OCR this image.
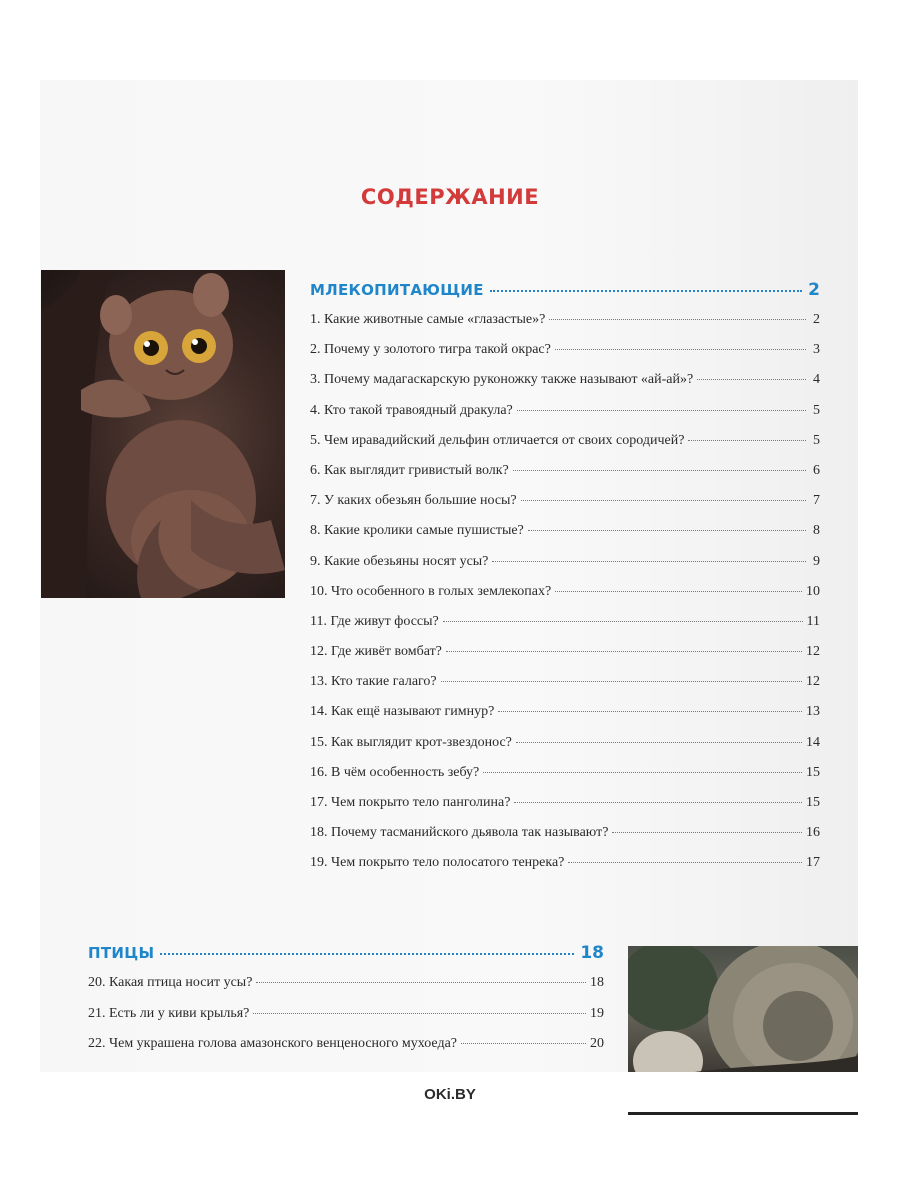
СОДЕРЖАНИЕ
МЛЕКОПИТАЮЩИЕ	2
1. Какие животные самые «глазастые»?	2
2. Почему у золотого тигра такой окрас?	3
3. Почему мадагаскарскую руконожку также называют «ай-ай»?	4
4. Кто такой травоядный дракула?	5
5. Чем иравадийский дельфин отличается от своих сородичей?	5
6. Как выглядит гривистый волк?	6
7. У каких обезьян большие носы?	7
8. Какие кролики самые пушистые?	8
9. Какие обезьяны носят усы?	9
10. Что особенного в голых землекопах?	10
11. Где живут фоссы?	11
12. Где живёт вомбат?	12
13. Кто такие галаго?	12
14. Как ещё называют гимнур?	13
15. Как выглядит крот-звездонос?	14
16. В чём особенность зебу?	15
17. Чем покрыто тело панголина?	15
18. Почему тасманийского дьявола так называют?	16
19. Чем покрыто тело полосатого тенрека?	17
ПТИЦЫ	18
20. Какая птица носит усы?	18
21. Есть ли у киви крылья?	19
22. Чем украшена голова амазонского венценосного мухоеда?	20
OKi.BY
